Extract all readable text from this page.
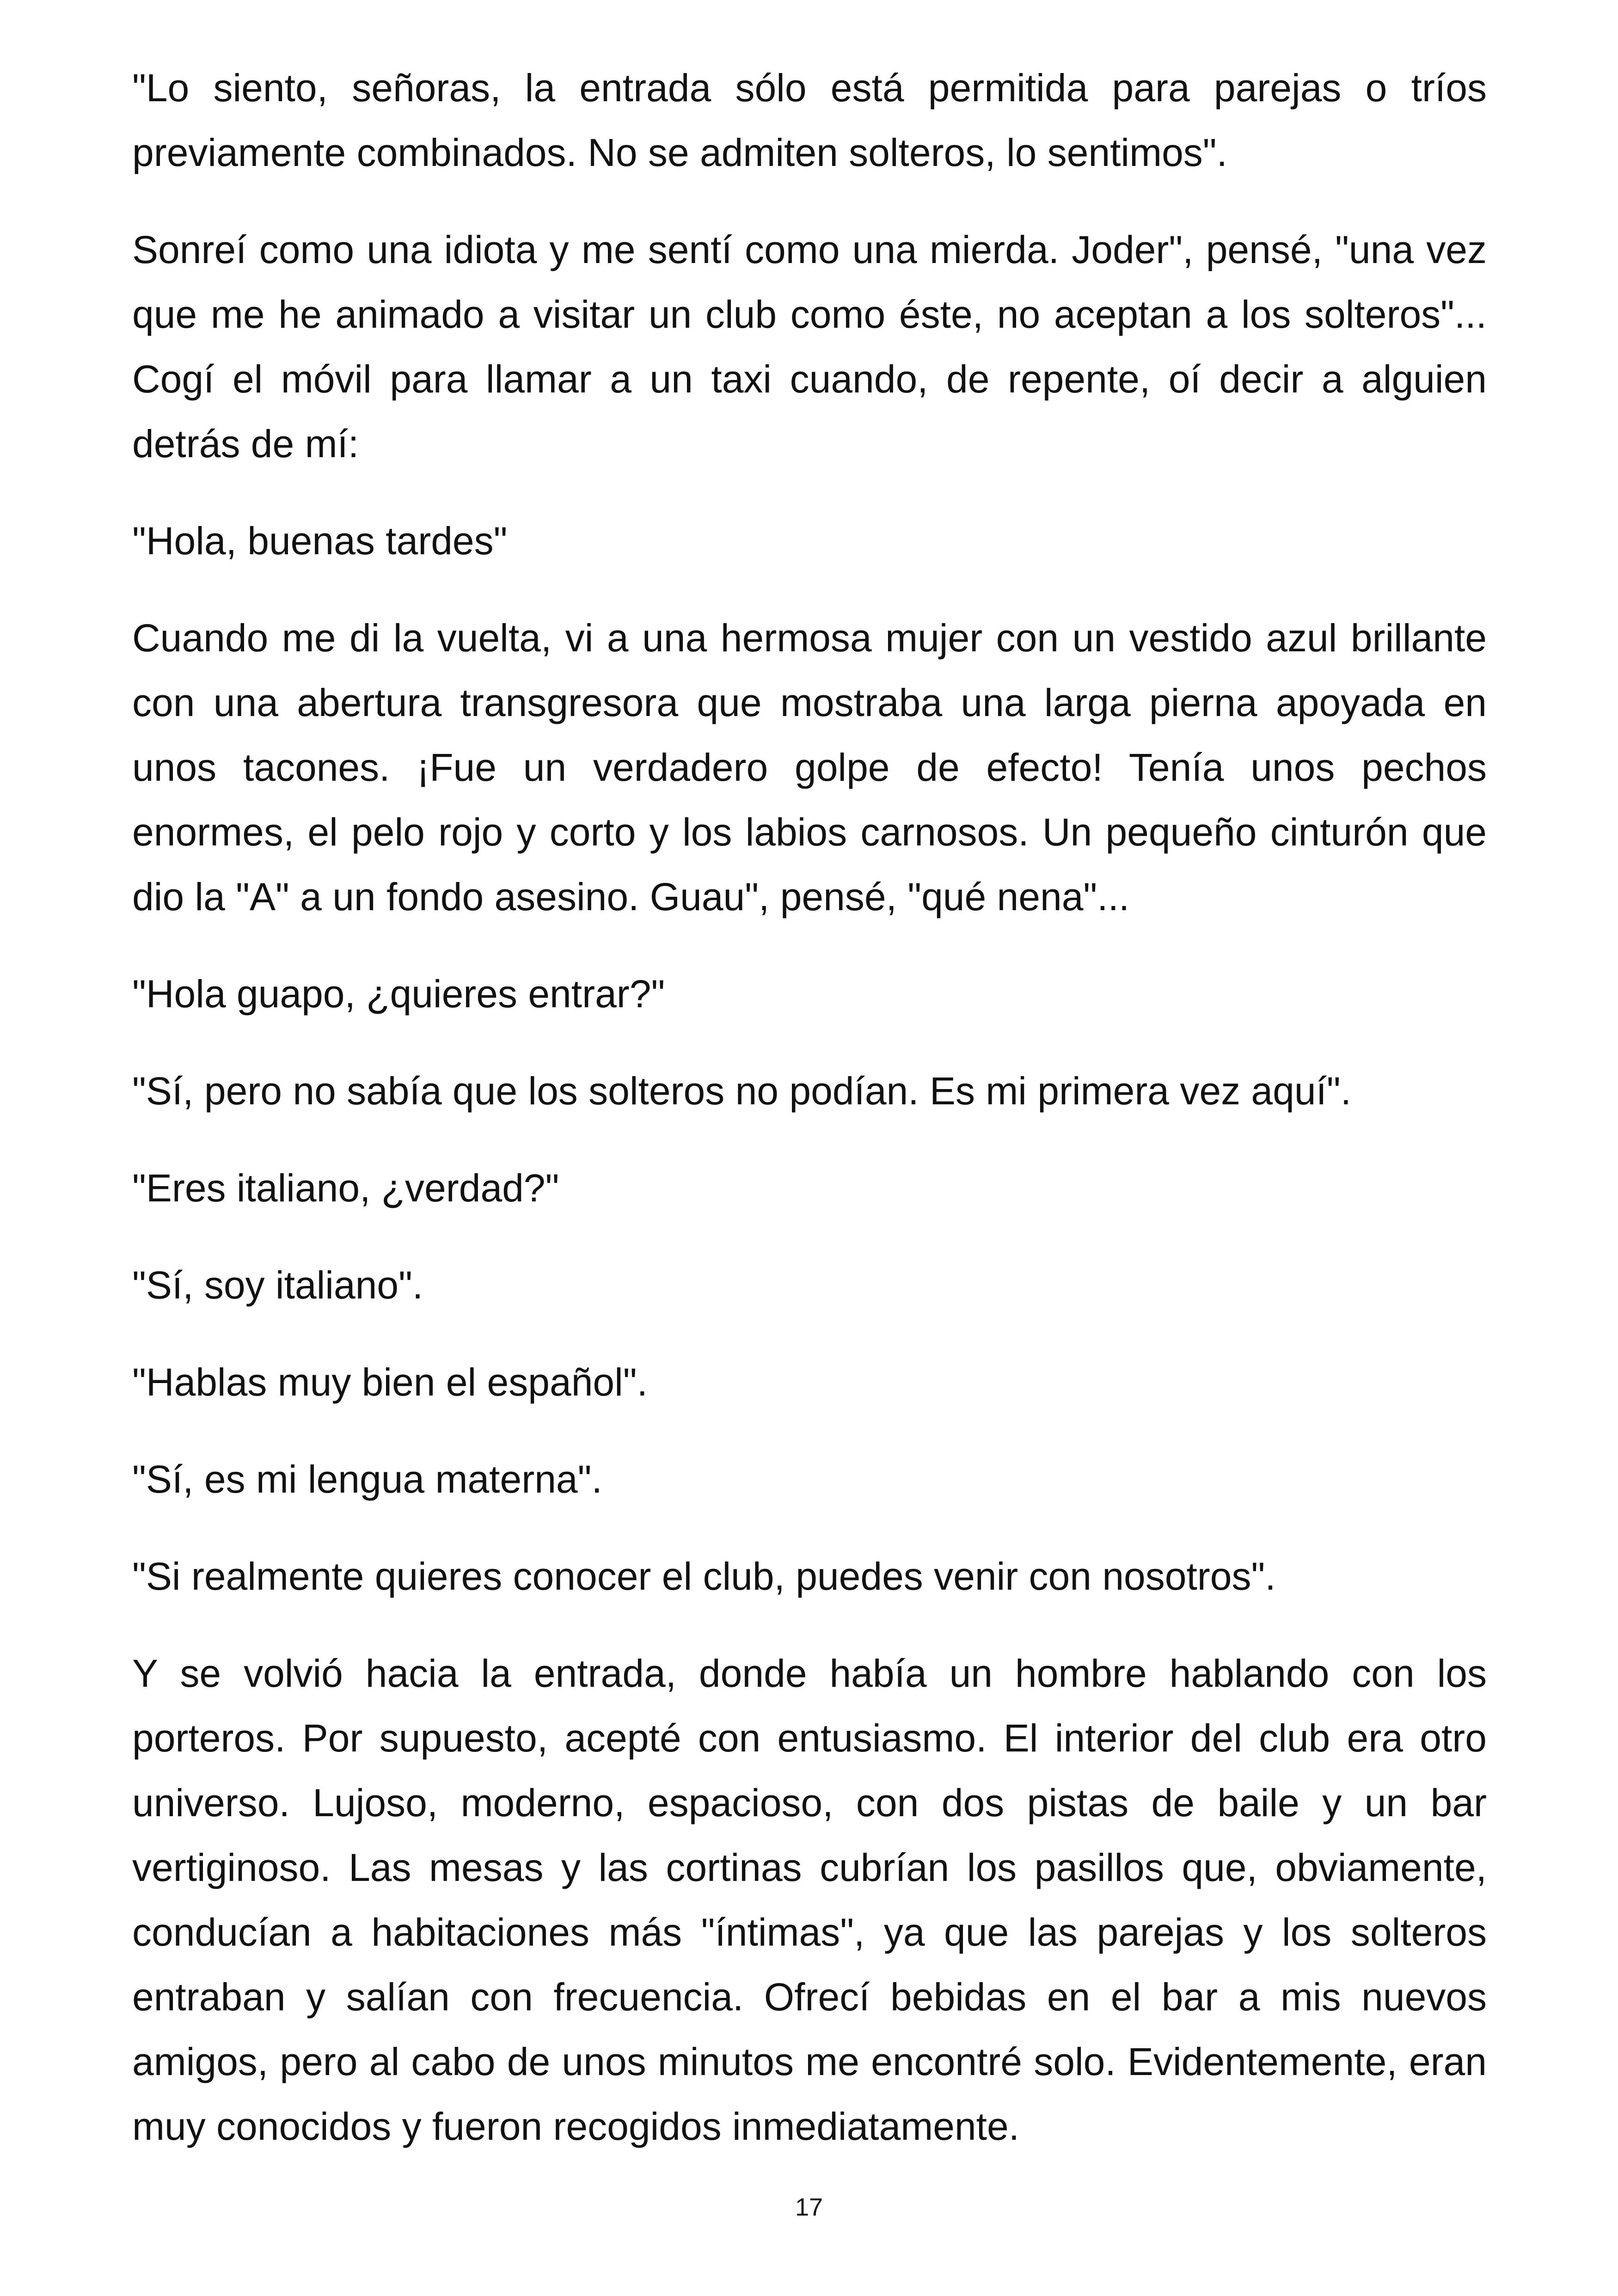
"Lo siento, señoras, la entrada sólo está permitida para parejas o tríos previamente combinados. No se admiten solteros, lo sentimos".

Sonreí como una idiota y me sentí como una mierda. Joder", pensé, "una vez que me he animado a visitar un club como éste, no aceptan a los solteros"... Cogí el móvil para llamar a un taxi cuando, de repente, oí decir a alguien detrás de mí:

"Hola, buenas tardes"

Cuando me di la vuelta, vi a una hermosa mujer con un vestido azul brillante con una abertura transgresora que mostraba una larga pierna apoyada en unos tacones. ¡Fue un verdadero golpe de efecto! Tenía unos pechos enormes, el pelo rojo y corto y los labios carnosos. Un pequeño cinturón que dio la "A" a un fondo asesino. Guau", pensé, "qué nena"...

"Hola guapo, ¿quieres entrar?"

"Sí, pero no sabía que los solteros no podían. Es mi primera vez aquí".

"Eres italiano, ¿verdad?"

"Sí, soy italiano".

"Hablas muy bien el español".

"Sí, es mi lengua materna".

"Si realmente quieres conocer el club, puedes venir con nosotros".

Y se volvió hacia la entrada, donde había un hombre hablando con los porteros. Por supuesto, acepté con entusiasmo. El interior del club era otro universo. Lujoso, moderno, espacioso, con dos pistas de baile y un bar vertiginoso. Las mesas y las cortinas cubrían los pasillos que, obviamente, conducían a habitaciones más "íntimas", ya que las parejas y los solteros entraban y salían con frecuencia. Ofrecí bebidas en el bar a mis nuevos amigos, pero al cabo de unos minutos me encontré solo. Evidentemente, eran muy conocidos y fueron recogidos inmediatamente.

17
